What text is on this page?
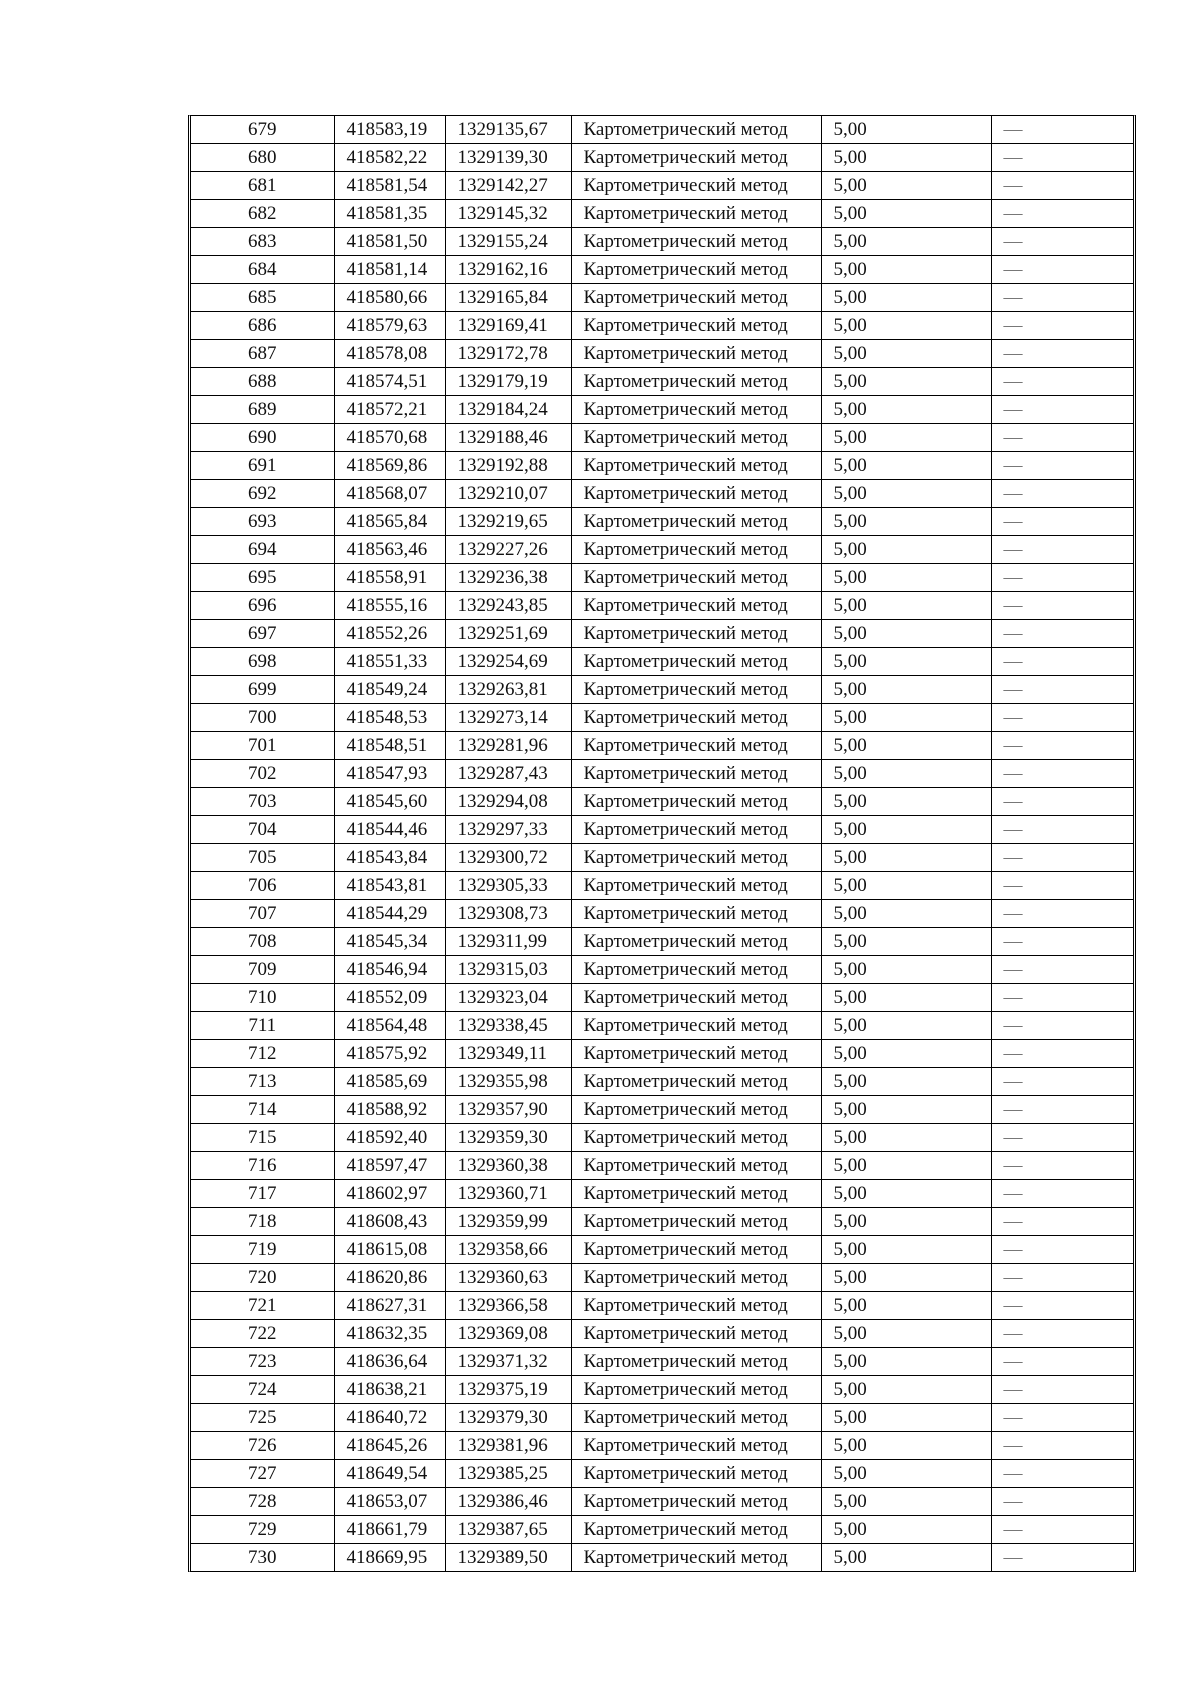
679	418583,19	1329135,67	Картометрический метод	5,00	—
680	418582,22	1329139,30	Картометрический метод	5,00	—
681	418581,54	1329142,27	Картометрический метод	5,00	—
682	418581,35	1329145,32	Картометрический метод	5,00	—
683	418581,50	1329155,24	Картометрический метод	5,00	—
684	418581,14	1329162,16	Картометрический метод	5,00	—
685	418580,66	1329165,84	Картометрический метод	5,00	—
686	418579,63	1329169,41	Картометрический метод	5,00	—
687	418578,08	1329172,78	Картометрический метод	5,00	—
688	418574,51	1329179,19	Картометрический метод	5,00	—
689	418572,21	1329184,24	Картометрический метод	5,00	—
690	418570,68	1329188,46	Картометрический метод	5,00	—
691	418569,86	1329192,88	Картометрический метод	5,00	—
692	418568,07	1329210,07	Картометрический метод	5,00	—
693	418565,84	1329219,65	Картометрический метод	5,00	—
694	418563,46	1329227,26	Картометрический метод	5,00	—
695	418558,91	1329236,38	Картометрический метод	5,00	—
696	418555,16	1329243,85	Картометрический метод	5,00	—
697	418552,26	1329251,69	Картометрический метод	5,00	—
698	418551,33	1329254,69	Картометрический метод	5,00	—
699	418549,24	1329263,81	Картометрический метод	5,00	—
700	418548,53	1329273,14	Картометрический метод	5,00	—
701	418548,51	1329281,96	Картометрический метод	5,00	—
702	418547,93	1329287,43	Картометрический метод	5,00	—
703	418545,60	1329294,08	Картометрический метод	5,00	—
704	418544,46	1329297,33	Картометрический метод	5,00	—
705	418543,84	1329300,72	Картометрический метод	5,00	—
706	418543,81	1329305,33	Картометрический метод	5,00	—
707	418544,29	1329308,73	Картометрический метод	5,00	—
708	418545,34	1329311,99	Картометрический метод	5,00	—
709	418546,94	1329315,03	Картометрический метод	5,00	—
710	418552,09	1329323,04	Картометрический метод	5,00	—
711	418564,48	1329338,45	Картометрический метод	5,00	—
712	418575,92	1329349,11	Картометрический метод	5,00	—
713	418585,69	1329355,98	Картометрический метод	5,00	—
714	418588,92	1329357,90	Картометрический метод	5,00	—
715	418592,40	1329359,30	Картометрический метод	5,00	—
716	418597,47	1329360,38	Картометрический метод	5,00	—
717	418602,97	1329360,71	Картометрический метод	5,00	—
718	418608,43	1329359,99	Картометрический метод	5,00	—
719	418615,08	1329358,66	Картометрический метод	5,00	—
720	418620,86	1329360,63	Картометрический метод	5,00	—
721	418627,31	1329366,58	Картометрический метод	5,00	—
722	418632,35	1329369,08	Картометрический метод	5,00	—
723	418636,64	1329371,32	Картометрический метод	5,00	—
724	418638,21	1329375,19	Картометрический метод	5,00	—
725	418640,72	1329379,30	Картометрический метод	5,00	—
726	418645,26	1329381,96	Картометрический метод	5,00	—
727	418649,54	1329385,25	Картометрический метод	5,00	—
728	418653,07	1329386,46	Картометрический метод	5,00	—
729	418661,79	1329387,65	Картометрический метод	5,00	—
730	418669,95	1329389,50	Картометрический метод	5,00	—
